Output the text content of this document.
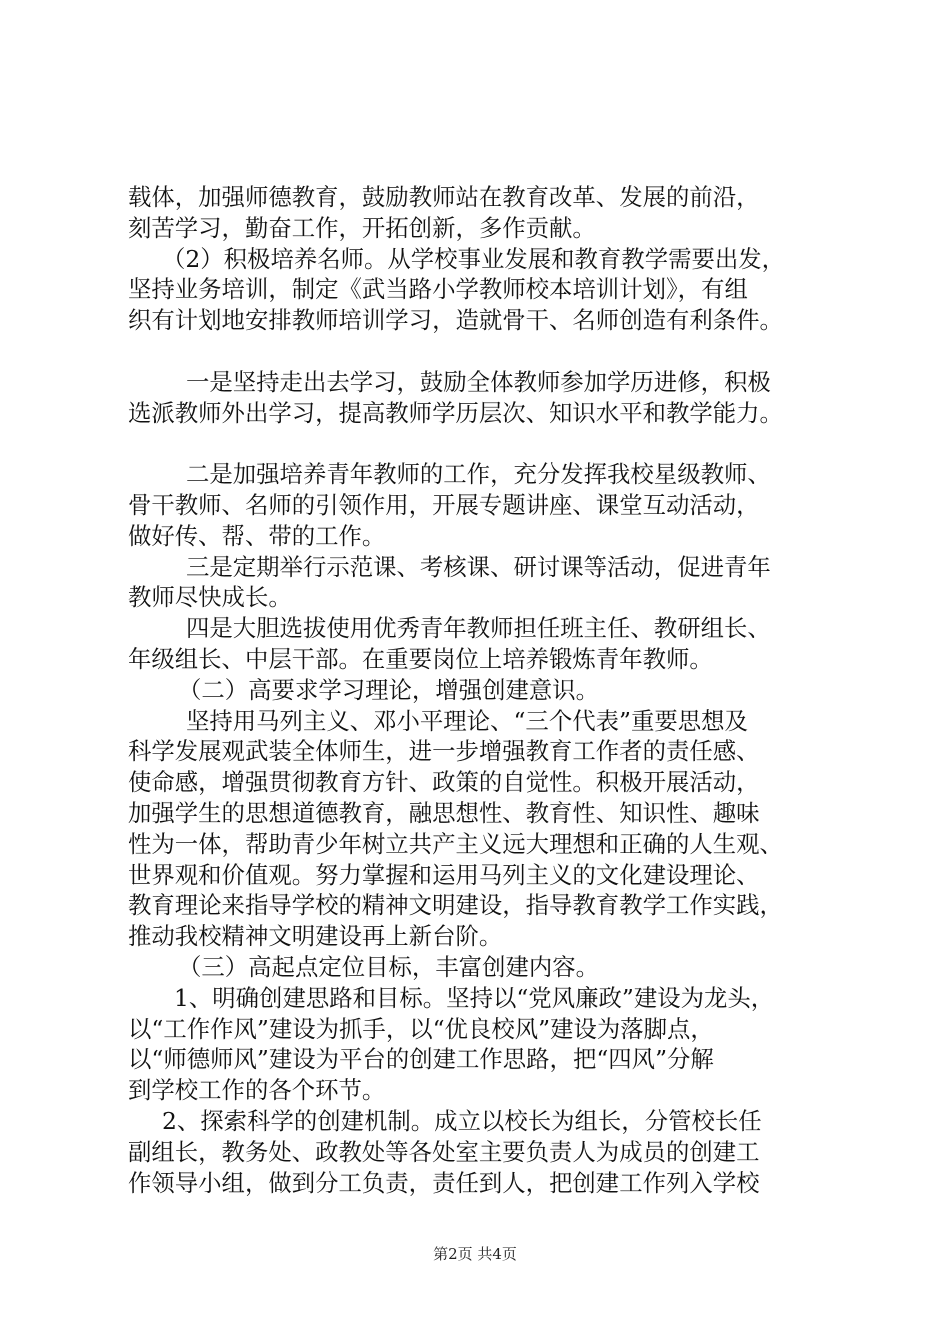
载体，加强师德教育，鼓励教师站在教育改革、发展的前沿，
刻苦学习，勤奋工作，开拓创新，多作贡献。
（2）积极培养名师。从学校事业发展和教育教学需要出发，
坚持业务培训，制定《武当路小学教师校本培训计划》，有组
织有计划地安排教师培训学习，造就骨干、名师创造有利条件。
一是坚持走出去学习，鼓励全体教师参加学历进修，积极
选派教师外出学习，提高教师学历层次、知识水平和教学能力。
二是加强培养青年教师的工作，充分发挥我校星级教师、
骨干教师、名师的引领作用，开展专题讲座、课堂互动活动，
做好传、帮、带的工作。
三是定期举行示范课、考核课、研讨课等活动，促进青年
教师尽快成长。
四是大胆选拔使用优秀青年教师担任班主任、教研组长、
年级组长、中层干部。在重要岗位上培养锻炼青年教师。
（二）高要求学习理论，增强创建意识。
坚持用马列主义、邓小平理论、“三个代表”重要思想及
科学发展观武装全体师生，进一步增强教育工作者的责任感、
使命感，增强贯彻教育方针、政策的自觉性。积极开展活动，
加强学生的思想道德教育，融思想性、教育性、知识性、趣味
性为一体，帮助青少年树立共产主义远大理想和正确的人生观、
世界观和价值观。努力掌握和运用马列主义的文化建设理论、
教育理论来指导学校的精神文明建设，指导教育教学工作实践，
推动我校精神文明建设再上新台阶。
（三）高起点定位目标，丰富创建内容。
1、明确创建思路和目标。坚持以“党风廉政”建设为龙头，
以“工作作风”建设为抓手，以“优良校风”建设为落脚点，
以“师德师风”建设为平台的创建工作思路，把“四风”分解
到学校工作的各个环节。
2、探索科学的创建机制。成立以校长为组长，分管校长任
副组长，教务处、政教处等各处室主要负责人为成员的创建工
作领导小组，做到分工负责，责任到人，把创建工作列入学校
第2页 共4页
